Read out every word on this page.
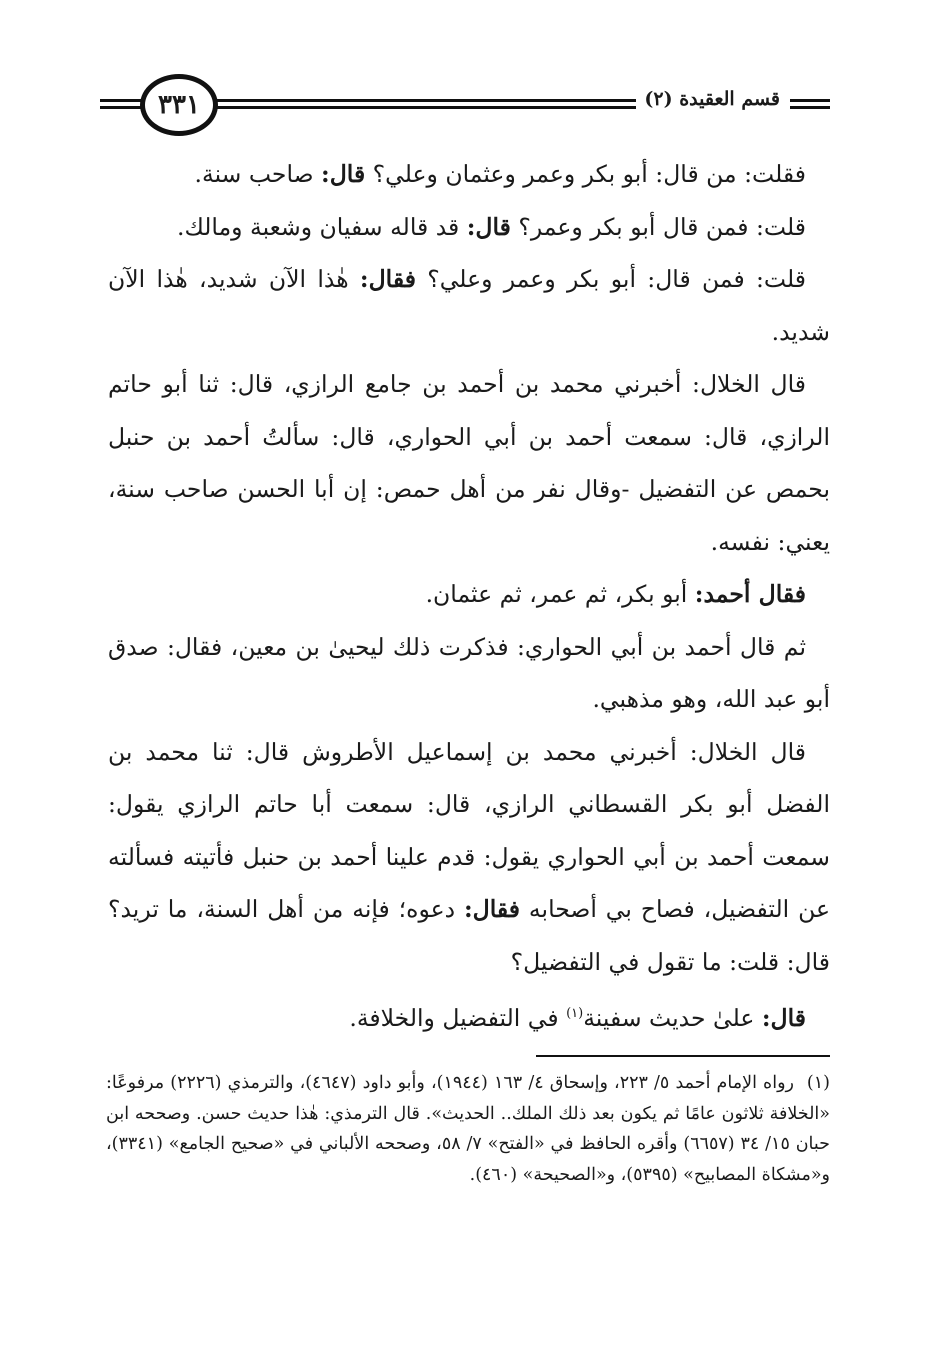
٣٣١	قسم العقيدة (٢)

فقلت: من قال: أبو بكر وعمر وعثمان وعلي؟ قال: صاحب سنة.

قلت: فمن قال أبو بكر وعمر؟ قال: قد قاله سفيان وشعبة ومالك.

قلت: فمن قال: أبو بكر وعمر وعلي؟ فقال: هٰذا الآن شديد، هٰذا الآن شديد.

قال الخلال: أخبرني محمد بن أحمد بن جامع الرازي، قال: ثنا أبو حاتم الرازي، قال: سمعت أحمد بن أبي الحواري، قال: سألتُ أحمد بن حنبل بحمص عن التفضيل -وقال نفر من أهل حمص: إن أبا الحسن صاحب سنة، يعني: نفسه.

فقال أحمد: أبو بكر، ثم عمر، ثم عثمان.

ثم قال أحمد بن أبي الحواري: فذكرت ذلك ليحيىٰ بن معين، فقال: صدق أبو عبد الله، وهو مذهبي.

قال الخلال: أخبرني محمد بن إسماعيل الأطروش قال: ثنا محمد بن الفضل أبو بكر القسطاني الرازي، قال: سمعت أبا حاتم الرازي يقول: سمعت أحمد بن أبي الحواري يقول: قدم علينا أحمد بن حنبل فأتيته فسألته عن التفضيل، فصاح بي أصحابه فقال: دعوه؛ فإنه من أهل السنة، ما تريد؟ قال: قلت: ما تقول في التفضيل؟

قال: علىٰ حديث سفينة$^{(١)}$ في التفضيل والخلافة.

(١)رواه الإمام أحمد ٥/ ٢٢٣، وإسحاق ٤/ ١٦٣ (١٩٤٤)، وأبو داود (٤٦٤٧)، والترمذي (٢٢٢٦) مرفوعًا: «الخلافة ثلاثون عامًا ثم يكون بعد ذلك الملك.. الحديث». قال الترمذي: هٰذا حديث حسن. وصححه ابن حبان ١٥/ ٣٤ (٦٦٥٧) وأقره الحافظ في «الفتح» ٧/ ٥٨، وصححه الألباني في «صحيح الجامع» (٣٣٤١)، و«مشكاة المصابيح» (٥٣٩٥)، و«الصحيحة» (٤٦٠).
